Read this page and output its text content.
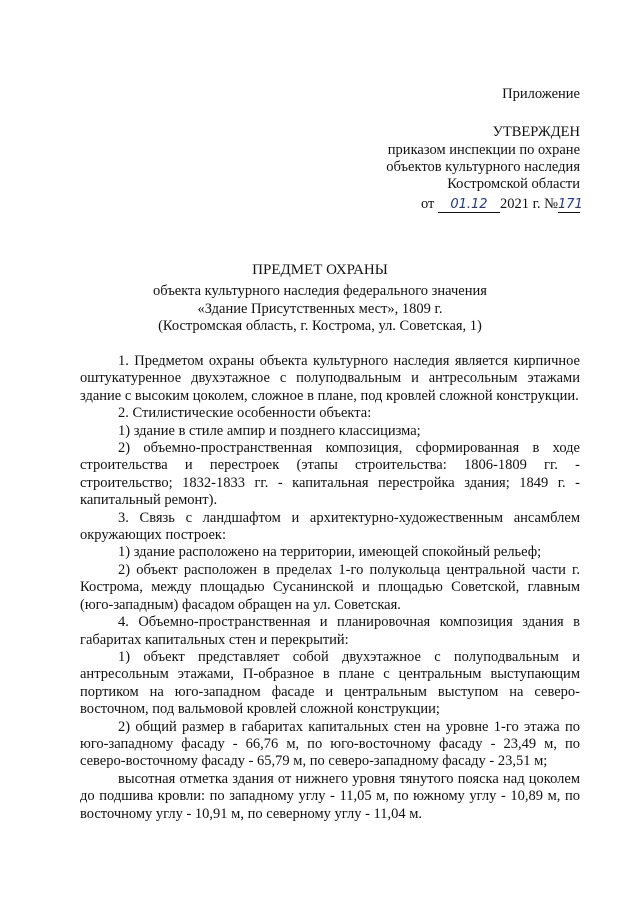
Приложение
УТВЕРЖДЕН
приказом инспекции по охране
объектов культурного наследия
Костромской области
от 01.12 2021 г. №171
ПРЕДМЕТ ОХРАНЫ
объекта культурного наследия федерального значения
«Здание Присутственных мест», 1809 г.
(Костромская область, г. Кострома, ул. Советская, 1)

1. Предметом охраны объекта культурного наследия является кирпичное оштукатуренное двухэтажное с полуподвальным и антресольным этажами здание с высоким цоколем, сложное в плане, под кровлей сложной конструкции.

2. Стилистические особенности объекта:

1) здание в стиле ампир и позднего классицизма;

2) объемно-пространственная композиция, сформированная в ходе строительства и перестроек (этапы строительства: 1806-1809 гг. - строительство; 1832-1833 гг. - капитальная перестройка здания; 1849 г. - капитальный ремонт).

3. Связь с ландшафтом и архитектурно-художественным ансамблем окружающих построек:

1) здание расположено на территории, имеющей спокойный рельеф;

2) объект расположен в пределах 1-го полукольца центральной части г. Кострома, между площадью Сусанинской и площадью Советской, главным (юго-западным) фасадом обращен на ул. Советская.

4. Объемно-пространственная и планировочная композиция здания в габаритах капитальных стен и перекрытий:

1) объект представляет собой двухэтажное с полуподвальным и антресольным этажами, П-образное в плане с центральным выступающим портиком на юго-западном фасаде и центральным выступом на северо-восточном, под вальмовой кровлей сложной конструкции;

2) общий размер в габаритах капитальных стен на уровне 1-го этажа по юго-западному фасаду - 66,76 м, по юго-восточному фасаду - 23,49 м, по северо-восточному фасаду - 65,79 м, по северо-западному фасаду - 23,51 м;

высотная отметка здания от нижнего уровня тянутого пояска над цоколем до подшива кровли: по западному углу - 11,05 м, по южному углу - 10,89 м, по восточному углу - 10,91 м, по северному углу - 11,04 м.
